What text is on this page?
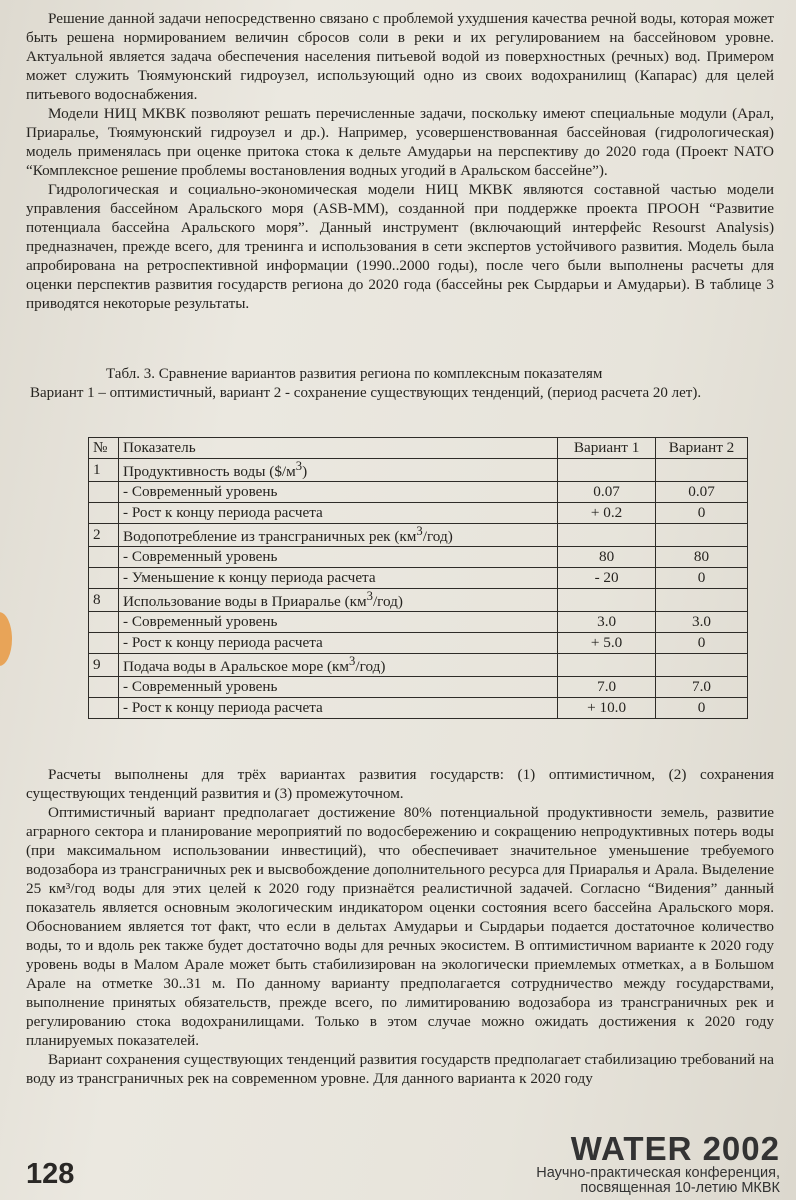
Решение данной задачи непосредственно связано с проблемой ухудшения качества речной воды, которая может быть решена нормированием величин сбросов соли в реки и их регулированием на бассейновом уровне. Актуальной является задача обеспечения населения питьевой водой из поверхностных (речных) вод. Примером может служить Тюямуюнский гидроузел, использующий одно из своих водохранилищ (Капарас) для целей питьевого водоснабжения.

Модели НИЦ МКВК позволяют решать перечисленные задачи, поскольку имеют специальные модули (Арал, Приаралье, Тюямуюнский гидроузел и др.). Например, усовершенствованная бассейновая (гидрологическая) модель применялась при оценке притока стока к дельте Амударьи на перспективу до 2020 года (Проект NATO “Комплексное решение проблемы востановления водных угодий в Аральском бассейне”).

Гидрологическая и социально-экономическая модели НИЦ МКВК являются составной частью модели управления бассейном Аральского моря (ASB-MM), созданной при поддержке проекта ПРООН “Развитие потенциала бассейна Аральского моря”. Данный инструмент (включающий интерфейс Resourst Analysis) предназначен, прежде всего, для тренинга и использования в сети экспертов устойчивого развития. Модель была апробирована на ретроспективной информации (1990..2000 годы), после чего были выполнены расчеты для оценки перспектив развития государств региона до 2020 года (бассейны рек Сырдарьи и Амударьи). В таблице 3 приводятся некоторые результаты.

Табл. 3. Сравнение вариантов развития региона по комплексным показателям
Вариант 1 – оптимистичный, вариант 2 - сохранение существующих тенденций, (период расчета 20 лет).
№	Показатель	Вариант 1	Вариант 2
1	Продуктивность воды $(\$/м^3)$		
	- Современный уровень	0.07	0.07
	- Рост к концу периода расчета	+ 0.2	0
2	Водопотребление из трансграничных рек $(км^3/год)$		
	- Современный уровень	80	80
	- Уменьшение к концу периода расчета	- 20	0
8	Использование воды в Приаралье $(км^3/год)$		
	- Современный уровень	3.0	3.0
	- Рост к концу периода расчета	+ 5.0	0
9	Подача воды в Аральское море $(км^3/год)$		
	- Современный уровень	7.0	7.0
	- Рост к концу периода расчета	+ 10.0	0

Расчеты выполнены для трёх вариантах развития государств: (1) оптимистичном, (2) сохранения существующих тенденций развития и (3) промежуточном.

Оптимистичный вариант предполагает достижение 80% потенциальной продуктивности земель, развитие аграрного сектора и планирование мероприятий по водосбережению и сокращению непродуктивных потерь воды (при максимальном использовании инвестиций), что обеспечивает значительное уменьшение требуемого водозабора из трансграничных рек и высвобождение дополнительного ресурса для Приаралья и Арала. Выделение 25 км³/год воды для этих целей к 2020 году признаётся реалистичной задачей. Согласно “Видения” данный показатель является основным экологическим индикатором оценки состояния всего бассейна Аральского моря. Обоснованием является тот факт, что если в дельтах Амударьи и Сырдарьи подается достаточное количество воды, то и вдоль рек также будет достаточно воды для речных экосистем. В оптимистичном варианте к 2020 году уровень воды в Малом Арале может быть стабилизирован на экологически приемлемых отметках, а в Большом Арале на отметке 30..31 м. По данному варианту предполагается сотрудничество между государствами, выполнение принятых обязательств, прежде всего, по лимитированию водозабора из трансграничных рек и регулированию стока водохранилищами. Только в этом случае можно ожидать достижения к 2020 году планируемых показателей.

Вариант сохранения существующих тенденций развития государств предполагает стабилизацию требований на воду из трансграничных рек на современном уровне. Для данного варианта к 2020 году

128
WATER 2002
Научно-практическая конференция,
посвященная 10-летию МКВК
